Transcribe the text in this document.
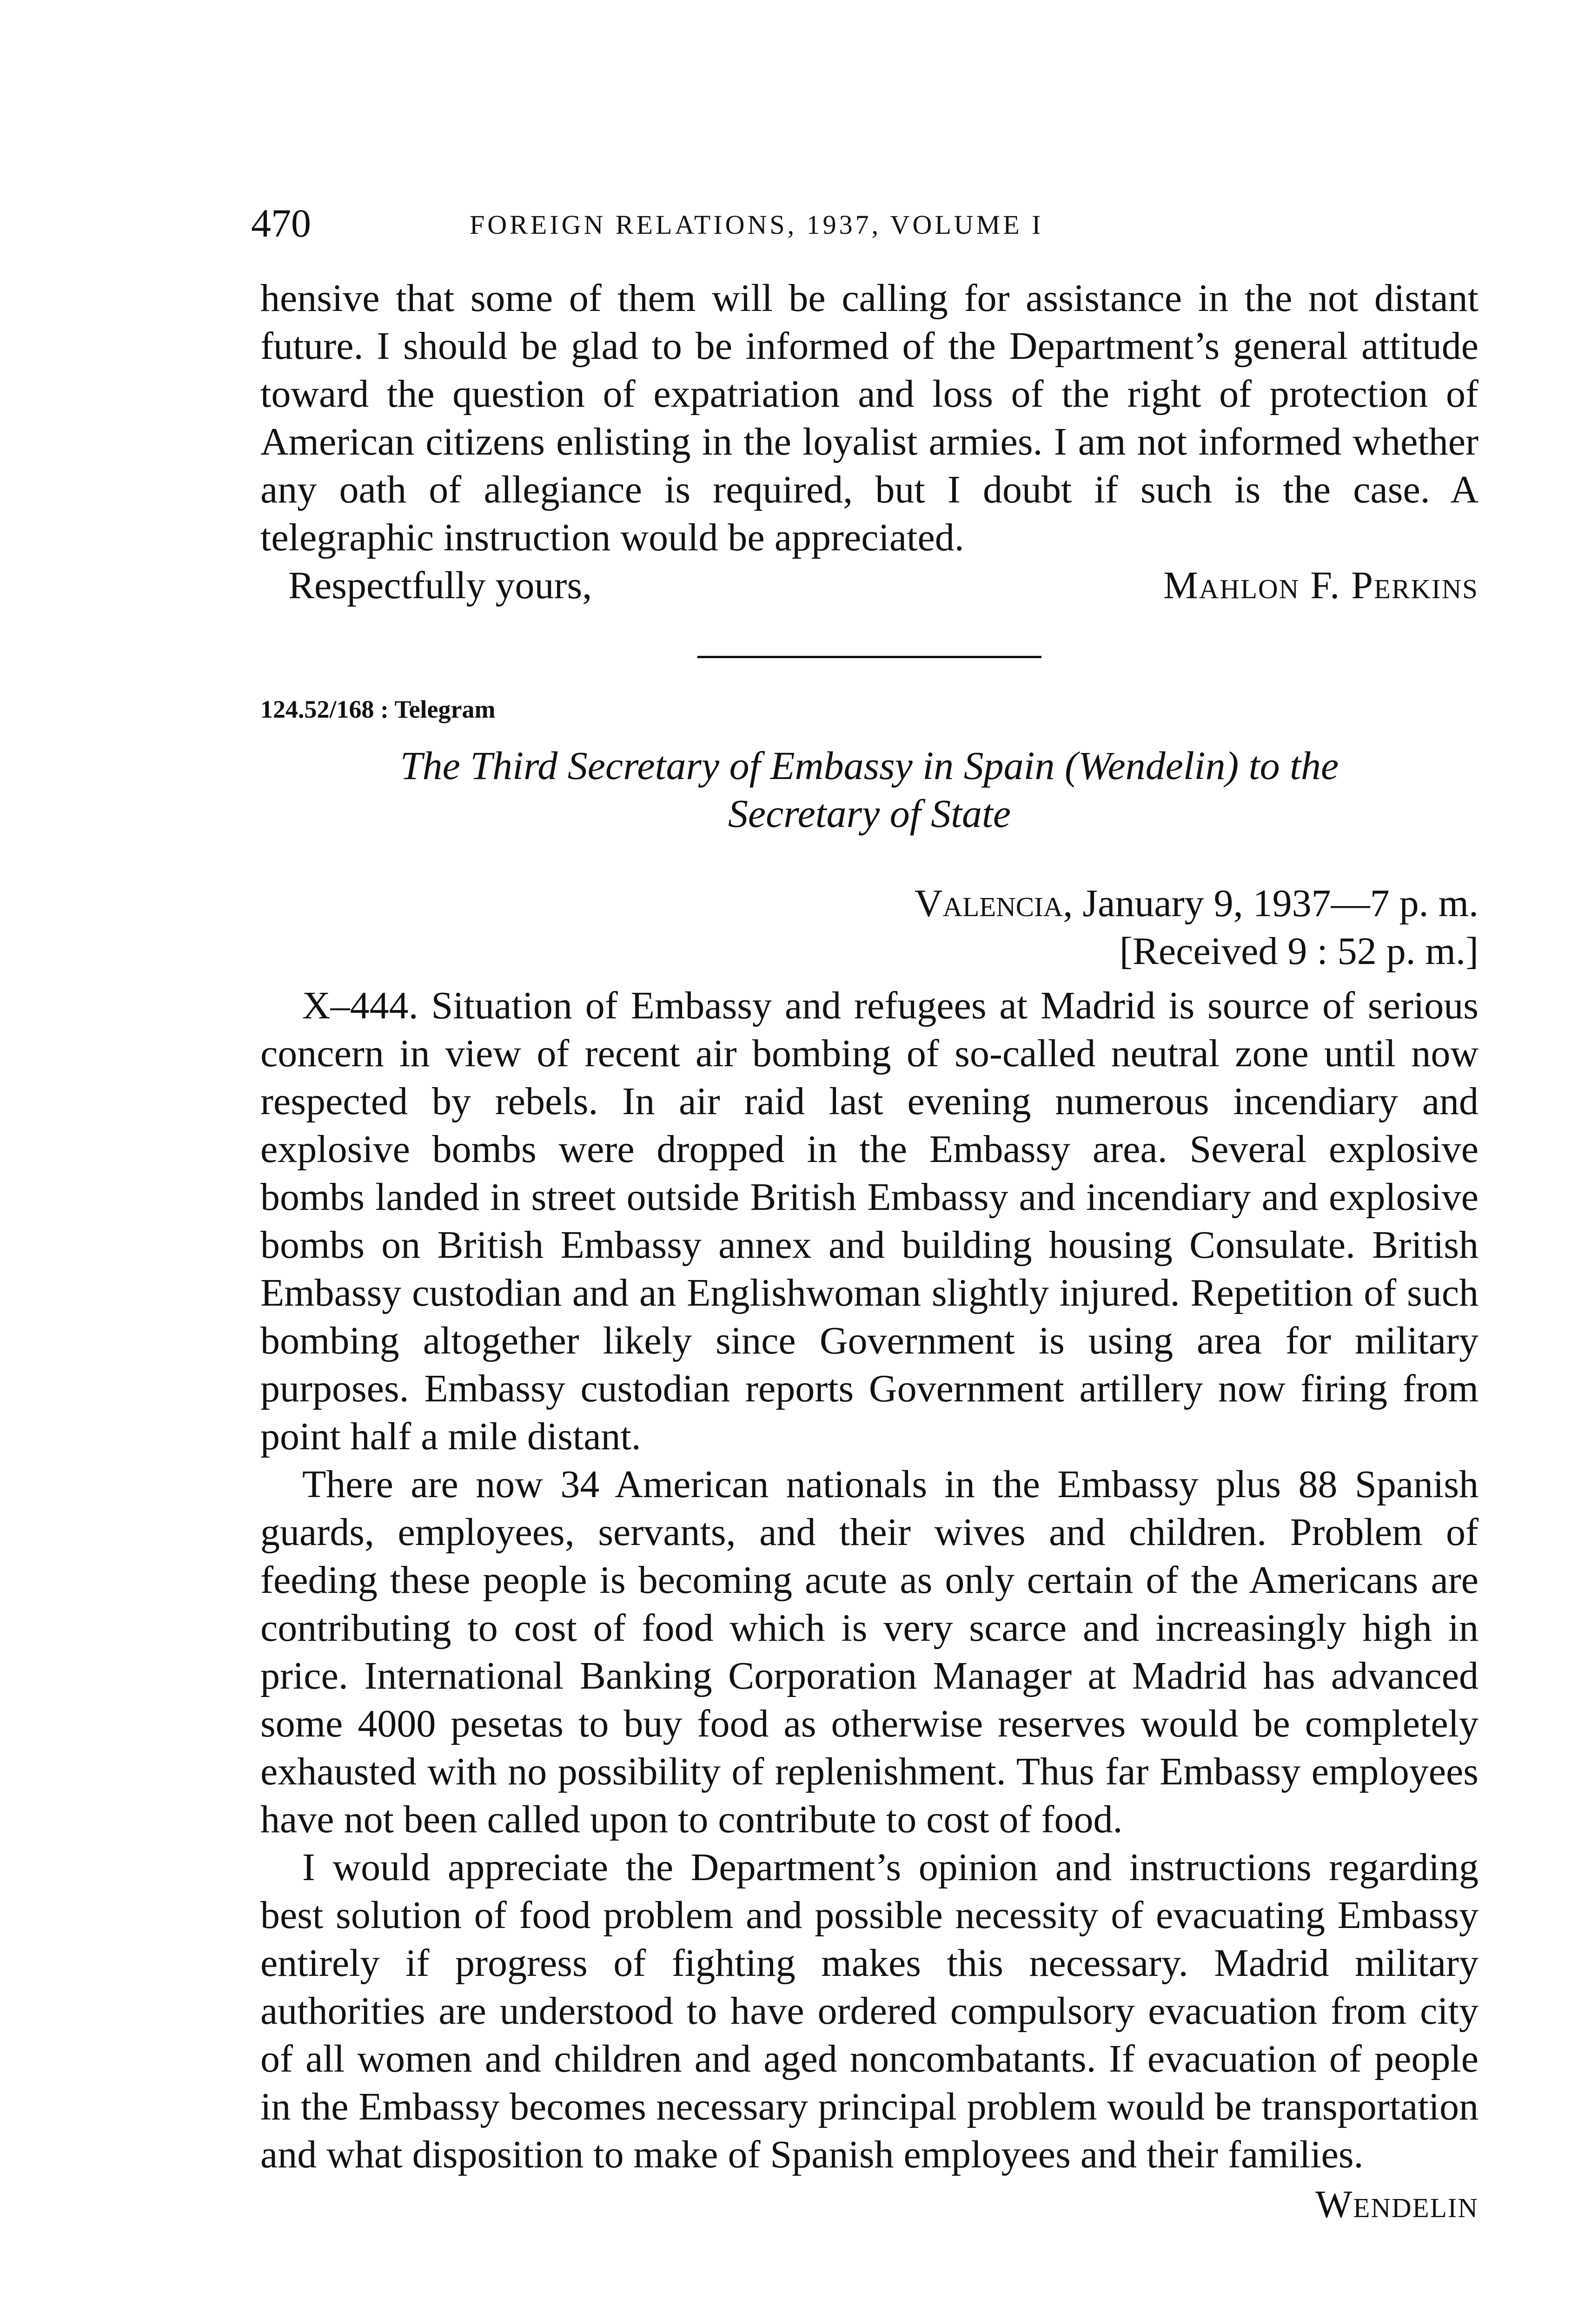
470	FOREIGN RELATIONS, 1937, VOLUME I

hensive that some of them will be calling for assistance in the not distant future. I should be glad to be informed of the Department’s general attitude toward the question of expatriation and loss of the right of protection of American citizens enlisting in the loyalist armies. I am not informed whether any oath of allegiance is required, but I doubt if such is the case. A telegraphic instruction would be appreciated.

Respectfully yours,	Mahlon F. Perkins
124.52/168 : Telegram
The Third Secretary of Embassy in Spain (Wendelin) to the
Secretary of State
Valencia, January 9, 1937—7 p. m.
[Received 9 : 52 p. m.]

X–444. Situation of Embassy and refugees at Madrid is source of serious concern in view of recent air bombing of so-called neutral zone until now respected by rebels. In air raid last evening numerous incendiary and explosive bombs were dropped in the Embassy area. Several explosive bombs landed in street outside British Embassy and incendiary and explosive bombs on British Embassy annex and building housing Consulate. British Embassy custodian and an Englishwoman slightly injured. Repetition of such bombing altogether likely since Government is using area for military purposes. Embassy custodian reports Government artillery now firing from point half a mile distant.

There are now 34 American nationals in the Embassy plus 88 Spanish guards, employees, servants, and their wives and children. Problem of feeding these people is becoming acute as only certain of the Americans are contributing to cost of food which is very scarce and increasingly high in price. International Banking Corporation Manager at Madrid has advanced some 4000 pesetas to buy food as otherwise reserves would be completely exhausted with no possibility of replenishment. Thus far Embassy employees have not been called upon to contribute to cost of food.

I would appreciate the Department’s opinion and instructions regarding best solution of food problem and possible necessity of evacuating Embassy entirely if progress of fighting makes this necessary. Madrid military authorities are understood to have ordered compulsory evacuation from city of all women and children and aged noncombatants. If evacuation of people in the Embassy becomes necessary principal problem would be transportation and what disposition to make of Spanish employees and their families.

Wendelin
